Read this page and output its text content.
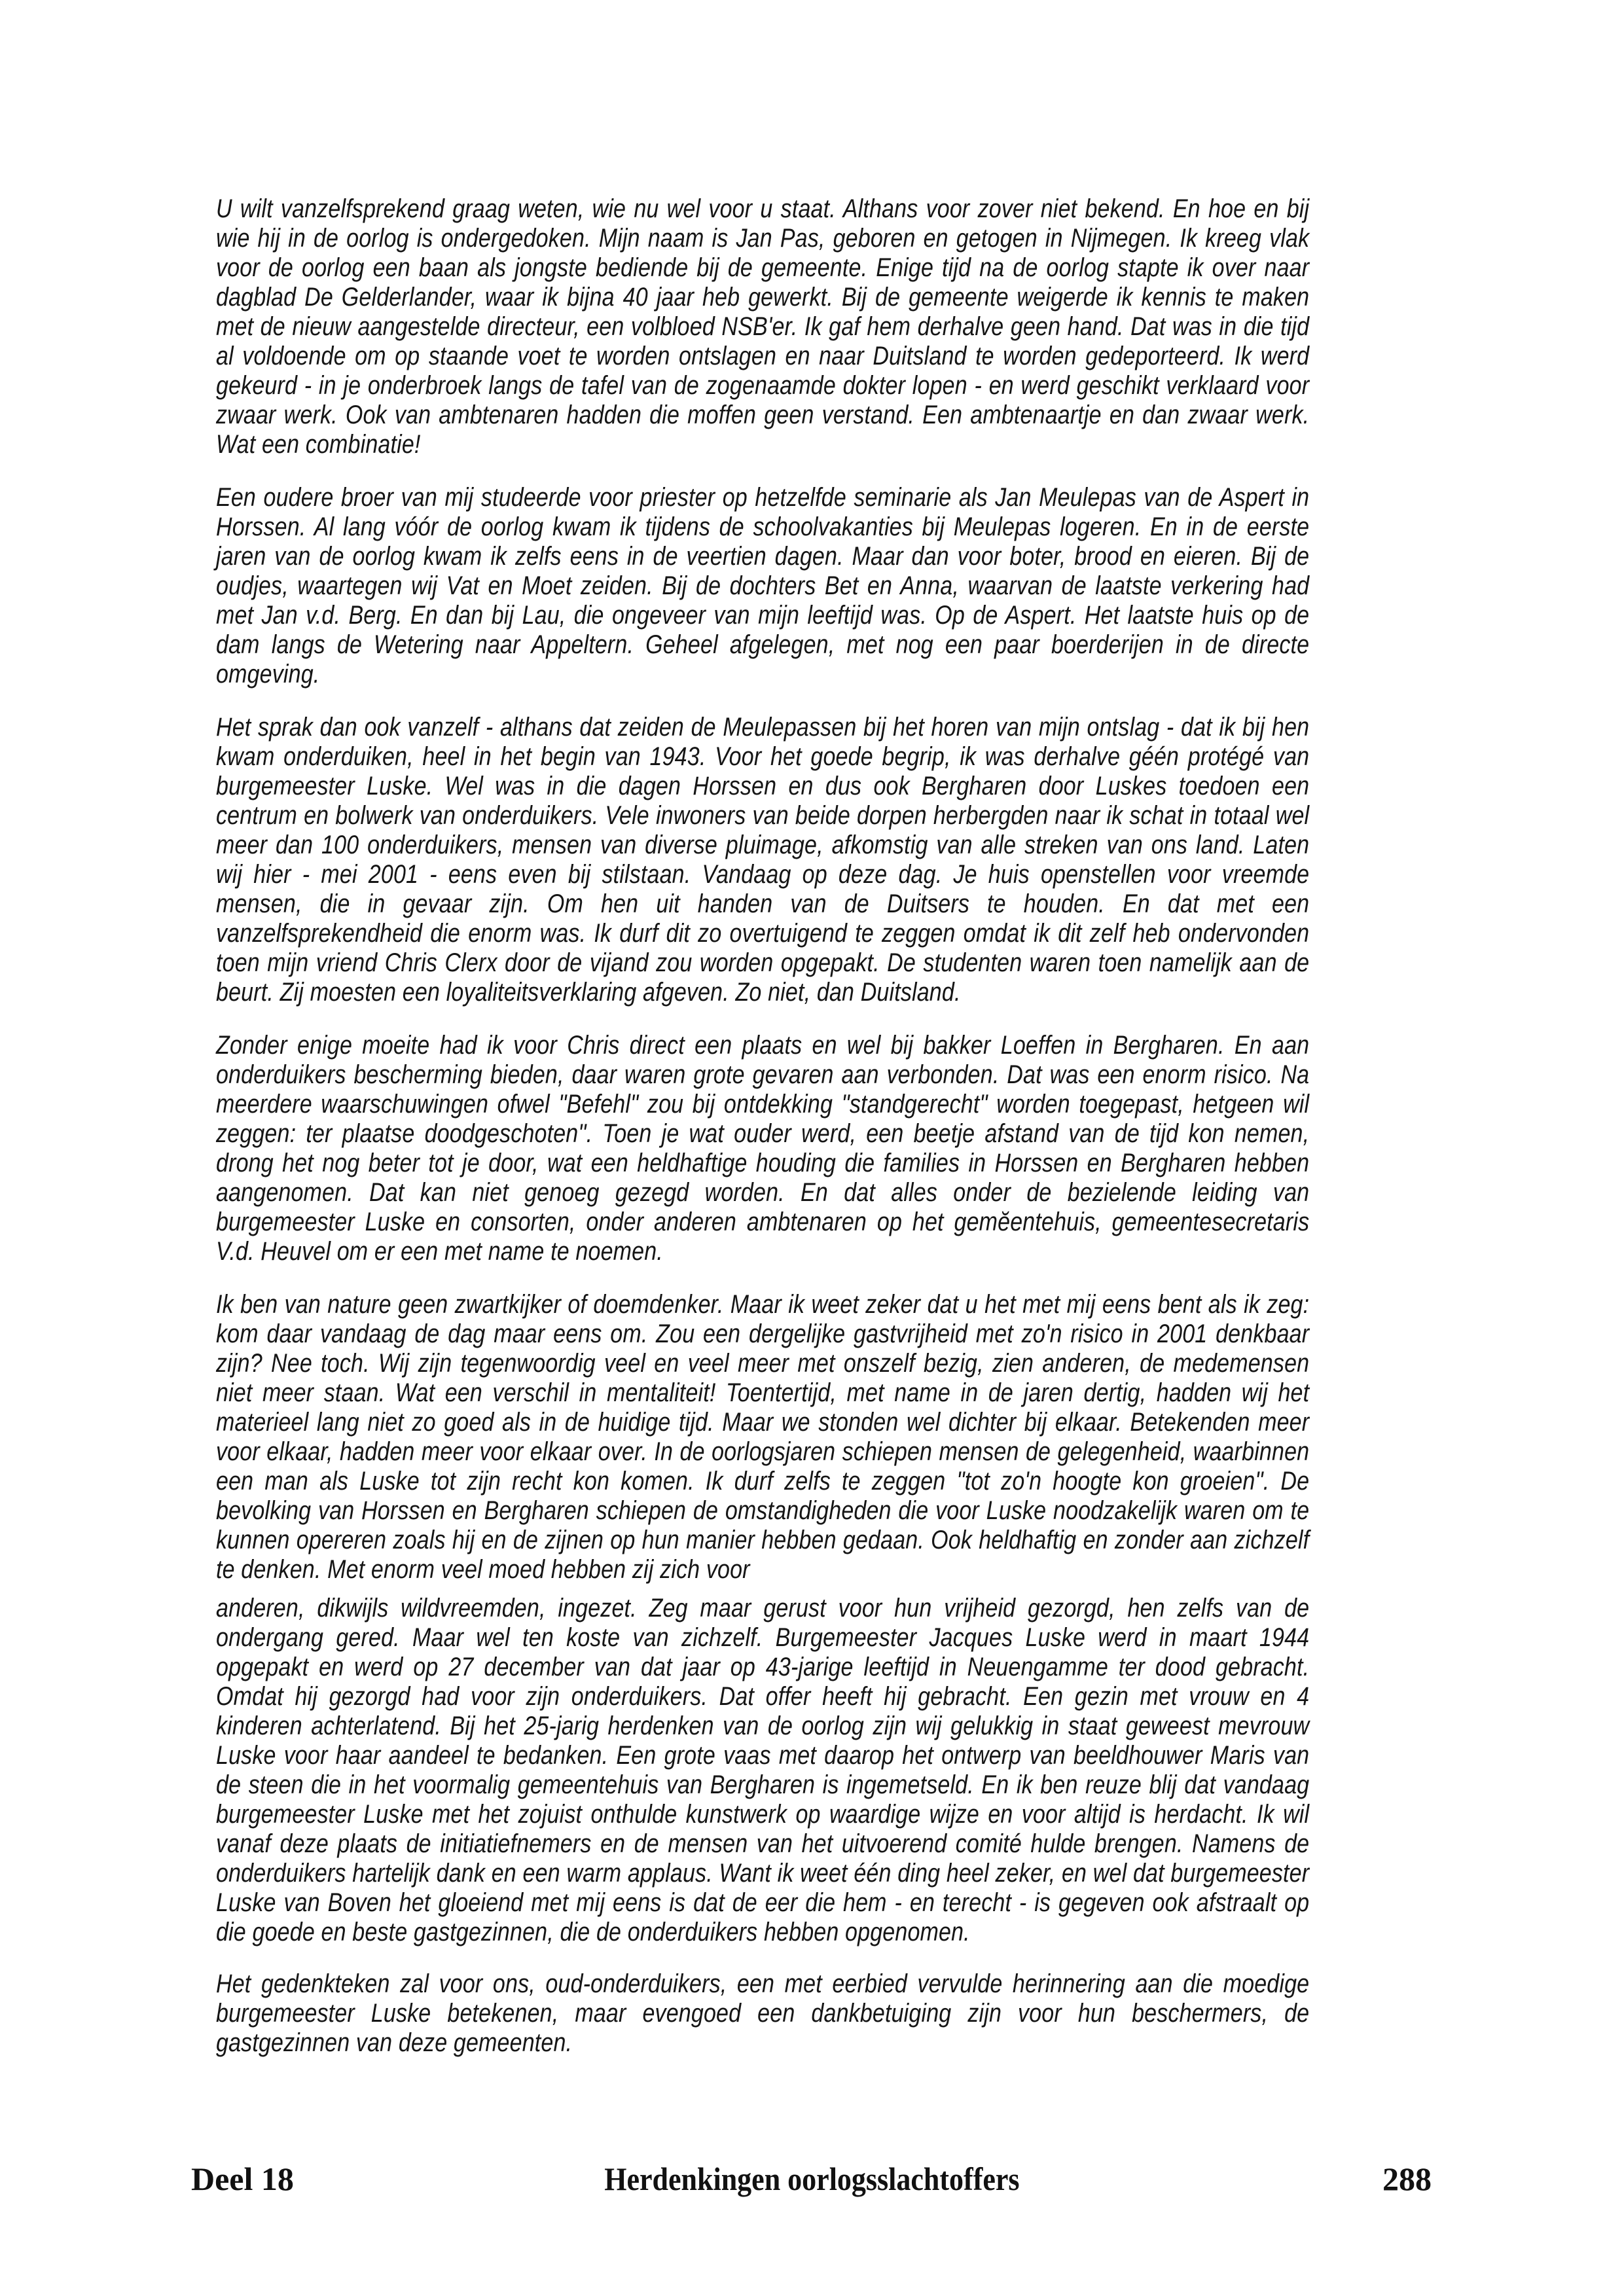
U wilt vanzelfsprekend graag weten, wie nu wel voor u staat. Althans voor zover niet bekend. En hoe en bij wie hij in de oorlog is ondergedoken. Mijn naam is Jan Pas, geboren en getogen in Nijmegen. Ik kreeg vlak voor de oorlog een baan als jongste bediende bij de gemeente. Enige tijd na de oorlog stapte ik over naar dagblad De Gelderlander, waar ik bijna 40 jaar heb gewerkt. Bij de gemeente weigerde ik kennis te maken met de nieuw aangestelde directeur, een volbloed NSB'er. Ik gaf hem derhalve geen hand. Dat was in die tijd al voldoende om op staande voet te worden ontslagen en naar Duitsland te worden gedeporteerd. Ik werd gekeurd - in je onderbroek langs de tafel van de zogenaamde dokter lopen - en werd geschikt verklaard voor zwaar werk. Ook van ambtenaren hadden die moffen geen verstand. Een ambtenaartje en dan zwaar werk. Wat een combinatie!

Een oudere broer van mij studeerde voor priester op hetzelfde seminarie als Jan Meulepas van de Aspert in Horssen. Al lang vóór de oorlog kwam ik tijdens de schoolvakanties bij Meulepas logeren. En in de eerste jaren van de oorlog kwam ik zelfs eens in de veertien dagen. Maar dan voor boter, brood en eieren. Bij de oudjes, waartegen wij Vat en Moet zeiden. Bij de dochters Bet en Anna, waarvan de laatste verkering had met Jan v.d. Berg. En dan bij Lau, die ongeveer van mijn leeftijd was. Op de Aspert. Het laatste huis op de dam langs de Wetering naar Appeltern. Geheel afgelegen, met nog een paar boerderijen in de directe omgeving.

Het sprak dan ook vanzelf - althans dat zeiden de Meulepassen bij het horen van mijn ontslag - dat ik bij hen kwam onderduiken, heel in het begin van 1943. Voor het goede begrip, ik was derhalve géén protégé van burgemeester Luske. Wel was in die dagen Horssen en dus ook Bergharen door Luskes toedoen een centrum en bolwerk van onderduikers. Vele inwoners van beide dorpen herbergden naar ik schat in totaal wel meer dan 100 onderduikers, mensen van diverse pluimage, afkomstig van alle streken van ons land. Laten wij hier - mei 2001 - eens even bij stilstaan. Vandaag op deze dag. Je huis openstellen voor vreemde mensen, die in gevaar zijn. Om hen uit handen van de Duitsers te houden. En dat met een vanzelfsprekendheid die enorm was. Ik durf dit zo overtuigend te zeggen omdat ik dit zelf heb ondervonden toen mijn vriend Chris Clerx door de vijand zou worden opgepakt. De studenten waren toen namelijk aan de beurt. Zij moesten een loyaliteitsverklaring afgeven. Zo niet, dan Duitsland.

Zonder enige moeite had ik voor Chris direct een plaats en wel bij bakker Loeffen in Bergharen. En aan onderduikers bescherming bieden, daar waren grote gevaren aan verbonden. Dat was een enorm risico. Na meerdere waarschuwingen ofwel "Befehl" zou bij ontdekking "standgerecht" worden toegepast, hetgeen wil zeggen: ter plaatse doodgeschoten". Toen je wat ouder werd, een beetje afstand van de tijd kon nemen, drong het nog beter tot je door, wat een heldhaftige houding die families in Horssen en Bergharen hebben aangenomen. Dat kan niet genoeg gezegd worden. En dat alles onder de bezielende leiding van burgemeester Luske en consorten, onder anderen ambtenaren op het gemĕentehuis, gemeentesecretaris V.d. Heuvel om er een met name te noemen.

Ik ben van nature geen zwartkijker of doemdenker. Maar ik weet zeker dat u het met mij eens bent als ik zeg: kom daar vandaag de dag maar eens om. Zou een dergelijke gastvrijheid met zo'n risico in 2001 denkbaar zijn? Nee toch. Wij zijn tegenwoordig veel en veel meer met onszelf bezig, zien anderen, de medemensen niet meer staan. Wat een verschil in mentaliteit! Toentertijd, met name in de jaren dertig, hadden wij het materieel lang niet zo goed als in de huidige tijd. Maar we stonden wel dichter bij elkaar. Betekenden meer voor elkaar, hadden meer voor elkaar over. In de oorlogsjaren schiepen mensen de gelegenheid, waarbinnen een man als Luske tot zijn recht kon komen. Ik durf zelfs te zeggen "tot zo'n hoogte kon groeien". De bevolking van Horssen en Bergharen schiepen de omstandigheden die voor Luske noodzakelijk waren om te kunnen opereren zoals hij en de zijnen op hun manier hebben gedaan. Ook heldhaftig en zonder aan zichzelf te denken. Met enorm veel moed hebben zij zich voor

anderen, dikwijls wildvreemden, ingezet. Zeg maar gerust voor hun vrijheid gezorgd, hen zelfs van de ondergang gered. Maar wel ten koste van zichzelf. Burgemeester Jacques Luske werd in maart 1944 opgepakt en werd op 27 december van dat jaar op 43-jarige leeftijd in Neuengamme ter dood gebracht. Omdat hij gezorgd had voor zijn onderduikers. Dat offer heeft hij gebracht. Een gezin met vrouw en 4 kinderen achterlatend. Bij het 25-jarig herdenken van de oorlog zijn wij gelukkig in staat geweest mevrouw Luske voor haar aandeel te bedanken. Een grote vaas met daarop het ontwerp van beeldhouwer Maris van de steen die in het voormalig gemeentehuis van Bergharen is ingemetseld. En ik ben reuze blij dat vandaag burgemeester Luske met het zojuist onthulde kunstwerk op waardige wijze en voor altijd is herdacht. Ik wil vanaf deze plaats de initiatiefnemers en de mensen van het uitvoerend comité hulde brengen. Namens de onderduikers hartelijk dank en een warm applaus. Want ik weet één ding heel zeker, en wel dat burgemeester Luske van Boven het gloeiend met mij eens is dat de eer die hem - en terecht - is gegeven ook afstraalt op die goede en beste gastgezinnen, die de onderduikers hebben opgenomen.

Het gedenkteken zal voor ons, oud-onderduikers, een met eerbied vervulde herinnering aan die moedige burgemeester Luske betekenen, maar evengoed een dankbetuiging zijn voor hun beschermers, de gastgezinnen van deze gemeenten.

Deel 18	Herdenkingen oorlogsslachtoffers	288
